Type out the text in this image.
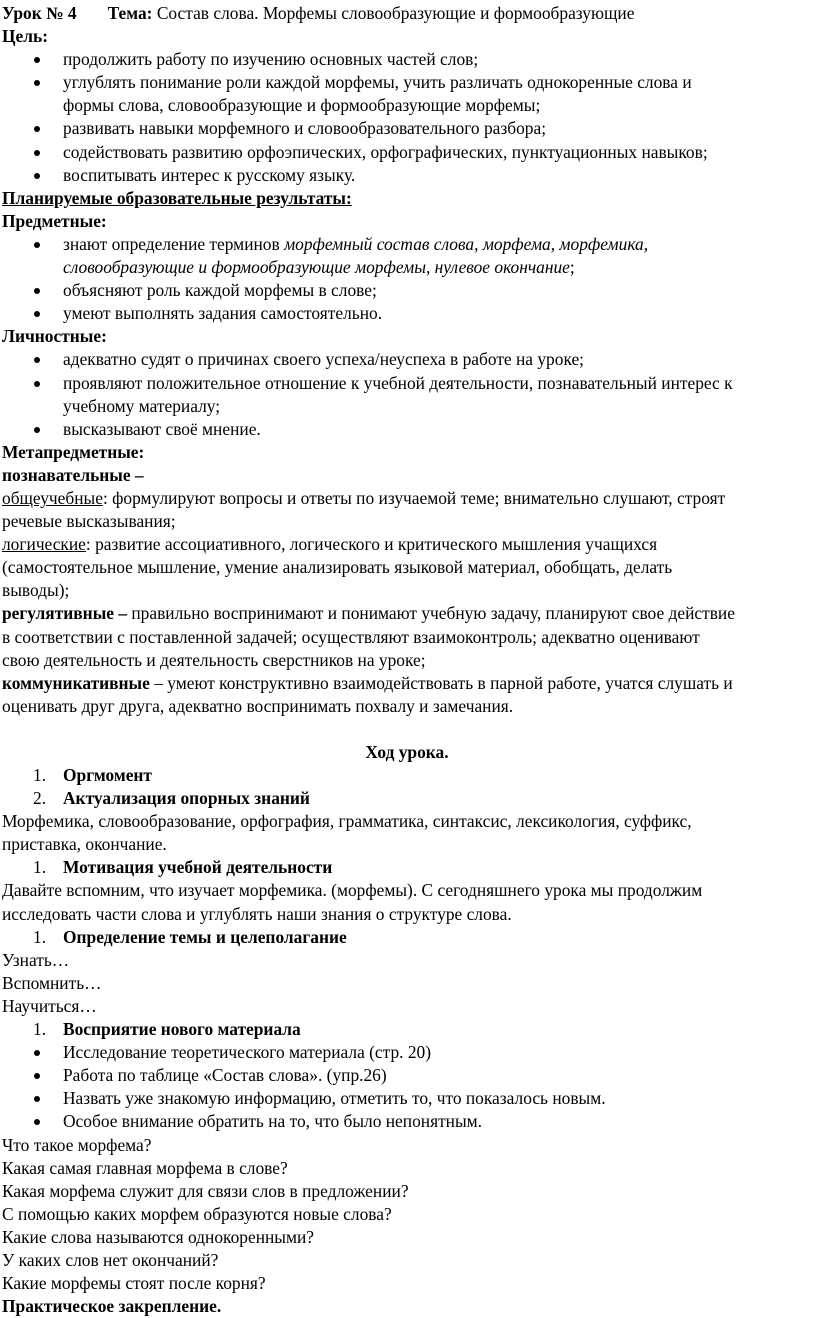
Урок № 4 Тема: Состав слова. Морфемы словообразующие и формообразующие
Цель:
продолжить работу по изучению основных частей слов;
углублять понимание роли каждой морфемы, учить различать однокоренные слова и
формы слова, словообразующие и формообразующие морфемы;
развивать навыки морфемного и словообразовательного разбора;
содействовать развитию орфоэпических, орфографических, пунктуационных навыков;
воспитывать интерес к русскому языку.
Планируемые образовательные результаты:
Предметные:
знают определение терминов морфемный состав слова, морфема, морфемика,
словообразующие и формообразующие морфемы, нулевое окончание;
объясняют роль каждой морфемы в слове;
умеют выполнять задания самостоятельно.
Личностные:
адекватно судят о причинах своего успеха/неуспеха в работе на уроке;
проявляют положительное отношение к учебной деятельности, познавательный интерес к
учебному материалу;
высказывают своё мнение.
Метапредметные:
познавательные –
общеучебные: формулируют вопросы и ответы по изучаемой теме; внимательно слушают, строят
речевые высказывания;
логические: развитие ассоциативного, логического и критического мышления учащихся
(самостоятельное мышление, умение анализировать языковой материал, обобщать, делать
выводы);
регулятивные – правильно воспринимают и понимают учебную задачу, планируют свое действие
в соответствии с поставленной задачей; осуществляют взаимоконтроль; адекватно оценивают
свою деятельность и деятельность сверстников на уроке;
коммуникативные – умеют конструктивно взаимодействовать в парной работе, учатся слушать и
оценивать друг друга, адекватно воспринимать похвалу и замечания.
Ход урока.
1. Оргмомент
2. Актуализация опорных знаний
Морфемика, словообразование, орфография, грамматика, синтаксис, лексикология, суффикс,
приставка, окончание.
1. Мотивация учебной деятельности
Давайте вспомним, что изучает морфемика. (морфемы). С сегодняшнего урока мы продолжим
исследовать части слова и углублять наши знания о структуре слова.
1. Определение темы и целеполагание
Узнать…
Вспомнить…
Научиться…
1. Восприятие нового материала
Исследование теоретического материала (стр. 20)
Работа по таблице «Состав слова». (упр.26)
Назвать уже знакомую информацию, отметить то, что показалось новым.
Особое внимание обратить на то, что было непонятным.
Что такое морфема?
Какая самая главная морфема в слове?
Какая морфема служит для связи слов в предложении?
С помощью каких морфем образуются новые слова?
Какие слова называются однокоренными?
У каких слов нет окончаний?
Какие морфемы стоят после корня?
Практическое закрепление.
